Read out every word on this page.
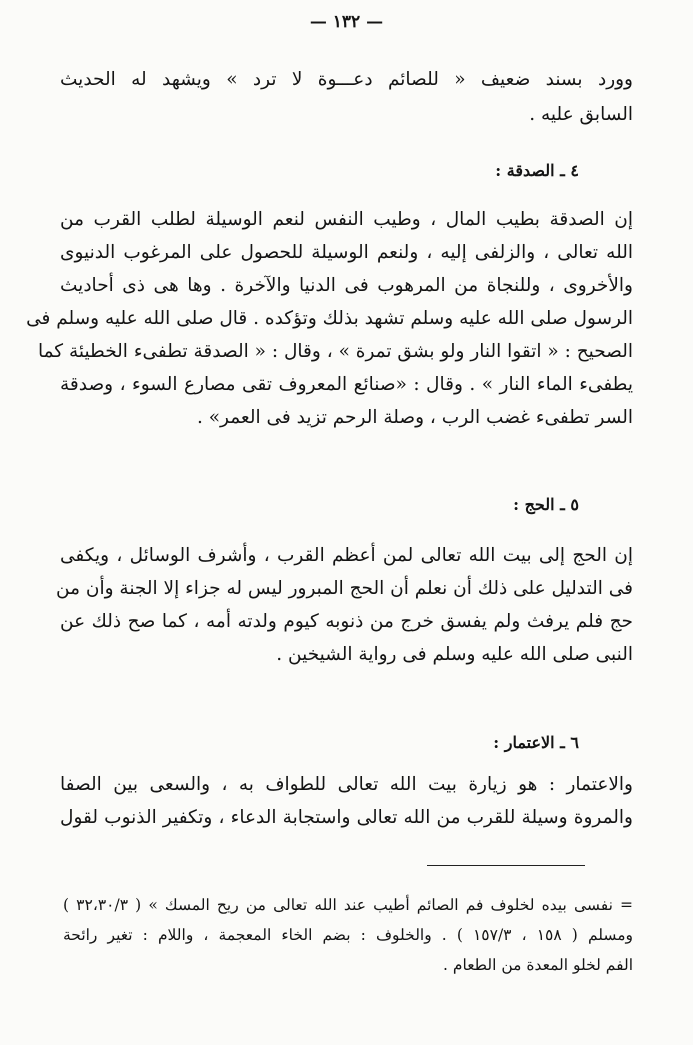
— ١٣٢ —
وورد بسند ضعيف « للصائم دعـــوة لا ترد » ويشهد له الحديث
السابق عليه .
٤ ـ الصدقة :
إن الصدقة بطيب المال ، وطيب النفس لنعم الوسيلة لطلب القرب من
الله تعالى ، والزلفى إليه ، ولنعم الوسيلة للحصول على المرغوب الدنيوى
والأخروى ، وللنجاة من المرهوب فى الدنيا والآخرة . وها هى ذى أحاديث
الرسول صلى الله عليه وسلم تشهد بذلك وتؤكده . قال صلى الله عليه وسلم فى
الصحيح : « اتقوا النار ولو بشق تمرة » ، وقال : « الصدقة تطفىء الخطيئة كما
يطفىء الماء النار » . وقال : «صنائع المعروف تقى مصارع السوء ، وصدقة
السر تطفىء غضب الرب ، وصلة الرحم تزيد فى العمر» .
٥ ـ الحج :
إن الحج إلى بيت الله تعالى لمن أعظم القرب ، وأشرف الوسائل ، ويكفى
فى التدليل على ذلك أن نعلم أن الحج المبرور ليس له جزاء إلا الجنة وأن من
حج فلم يرفث ولم يفسق خرج من ذنوبه كيوم ولدته أمه ، كما صح ذلك عن
النبى صلى الله عليه وسلم فى رواية الشيخين .
٦ ـ الاعتمار :
والاعتمار : هو زيارة بيت الله تعالى للطواف به ، والسعى بين الصفا
والمروة وسيلة للقرب من الله تعالى واستجابة الدعاء ، وتكفير الذنوب لقول
= نفسى بيده لخلوف فم الصائم أطيب عند الله تعالى من ريح المسك » ( ٣٢،٣٠/٣ )
ومسلم ( ١٥٨ ، ١٥٧/٣ ) . والخلوف : بضم الخاء المعجمة ، واللام : تغير رائحة
الفم لخلو المعدة من الطعام .
